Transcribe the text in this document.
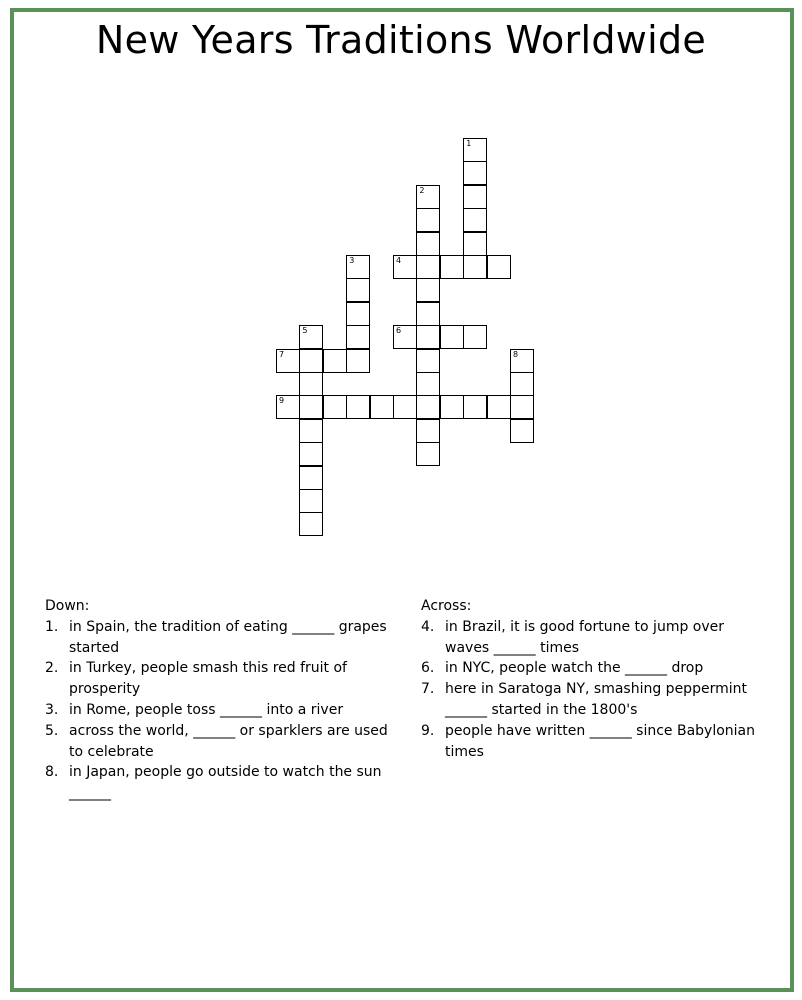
New Years Traditions Worldwide
1
2
3	4
5	6
7	8
9
Down:
1. in Spain, the tradition of eating ______ grapes started
2. in Turkey, people smash this red fruit of prosperity
3. in Rome, people toss ______ into a river
5. across the world, ______ or sparklers are used to celebrate
8. in Japan, people go outside to watch the sun ______
Across:
4. in Brazil, it is good fortune to jump over waves ______ times
6. in NYC, people watch the ______ drop
7. here in Saratoga NY, smashing peppermint ______ started in the 1800's
9. people have written ______ since Babylonian times
